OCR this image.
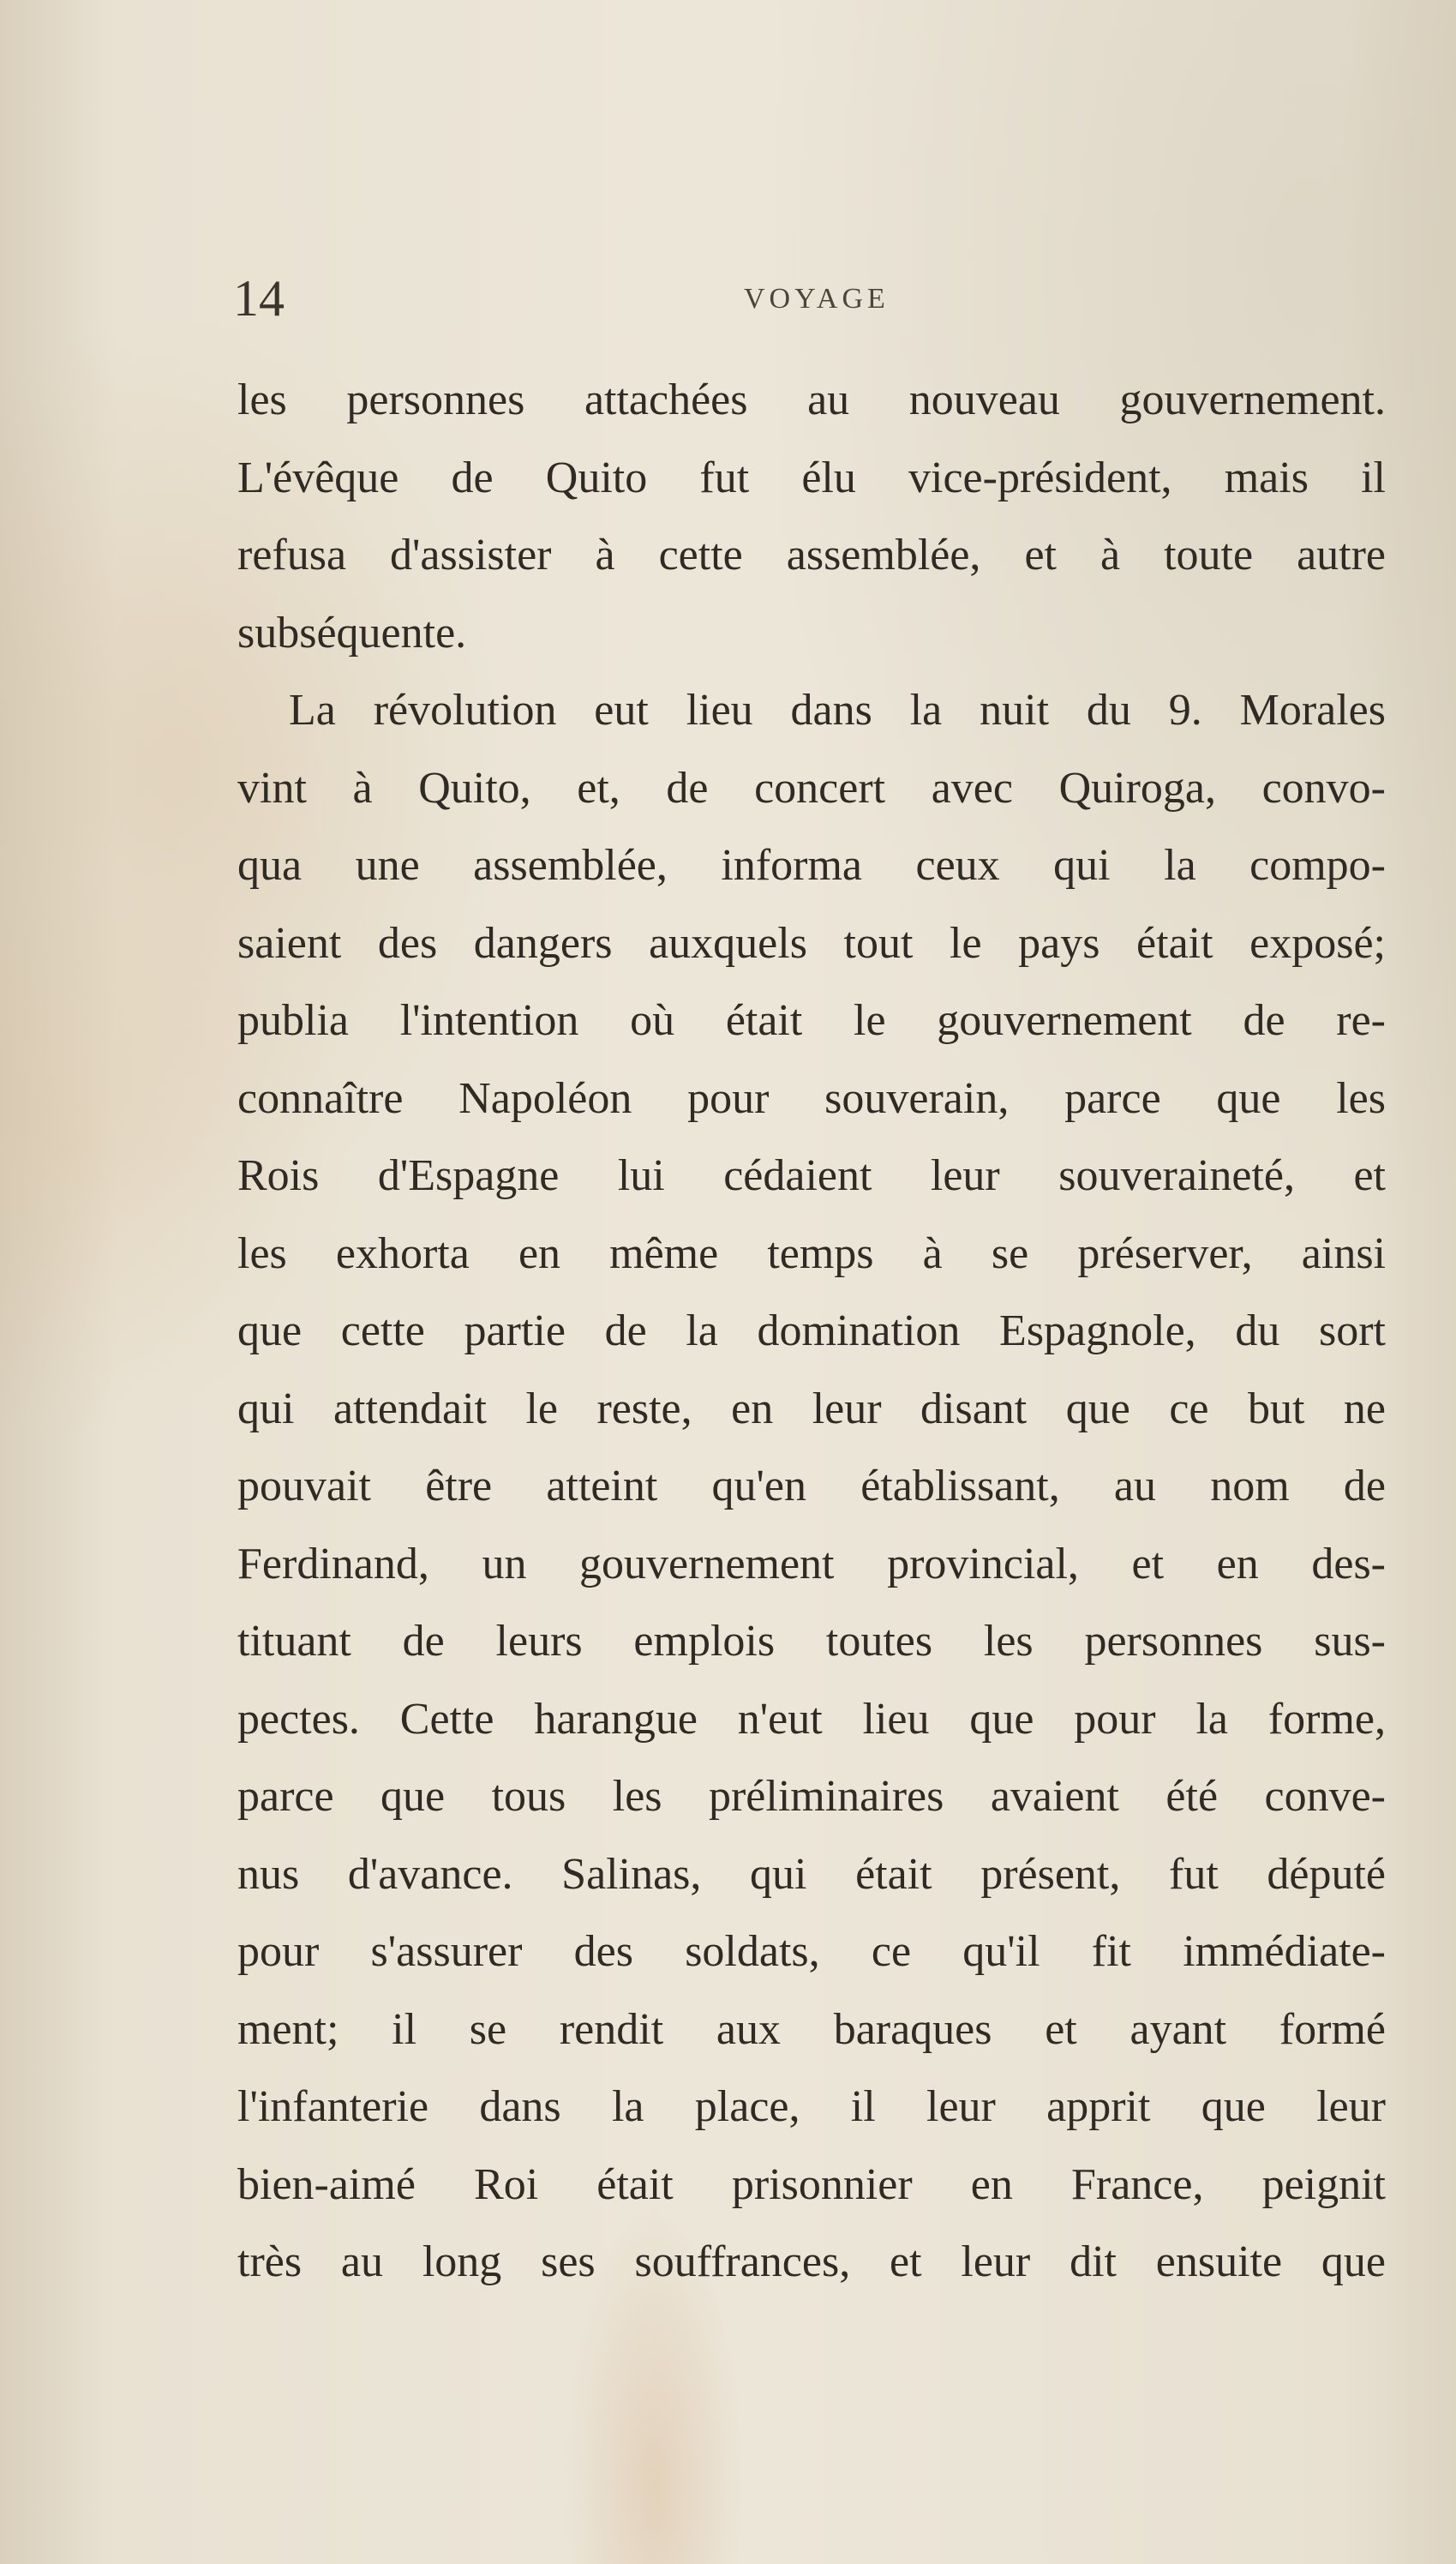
14	VOYAGE
les personnes attachées au nouveau gouvernement.
L'évêque de Quito fut élu vice-président, mais il
refusa d'assister à cette assemblée, et à toute autre
subséquente.
La révolution eut lieu dans la nuit du 9. Morales
vint à Quito, et, de concert avec Quiroga, convo-
qua une assemblée, informa ceux qui la compo-
saient des dangers auxquels tout le pays était exposé;
publia l'intention où était le gouvernement de re-
connaître Napoléon pour souverain, parce que les
Rois d'Espagne lui cédaient leur souveraineté, et
les exhorta en même temps à se préserver, ainsi
que cette partie de la domination Espagnole, du sort
qui attendait le reste, en leur disant que ce but ne
pouvait être atteint qu'en établissant, au nom de
Ferdinand, un gouvernement provincial, et en des-
tituant de leurs emplois toutes les personnes sus-
pectes. Cette harangue n'eut lieu que pour la forme,
parce que tous les préliminaires avaient été conve-
nus d'avance. Salinas, qui était présent, fut député
pour s'assurer des soldats, ce qu'il fit immédiate-
ment; il se rendit aux baraques et ayant formé
l'infanterie dans la place, il leur apprit que leur
bien-aimé Roi était prisonnier en France, peignit
très au long ses souffrances, et leur dit ensuite que
